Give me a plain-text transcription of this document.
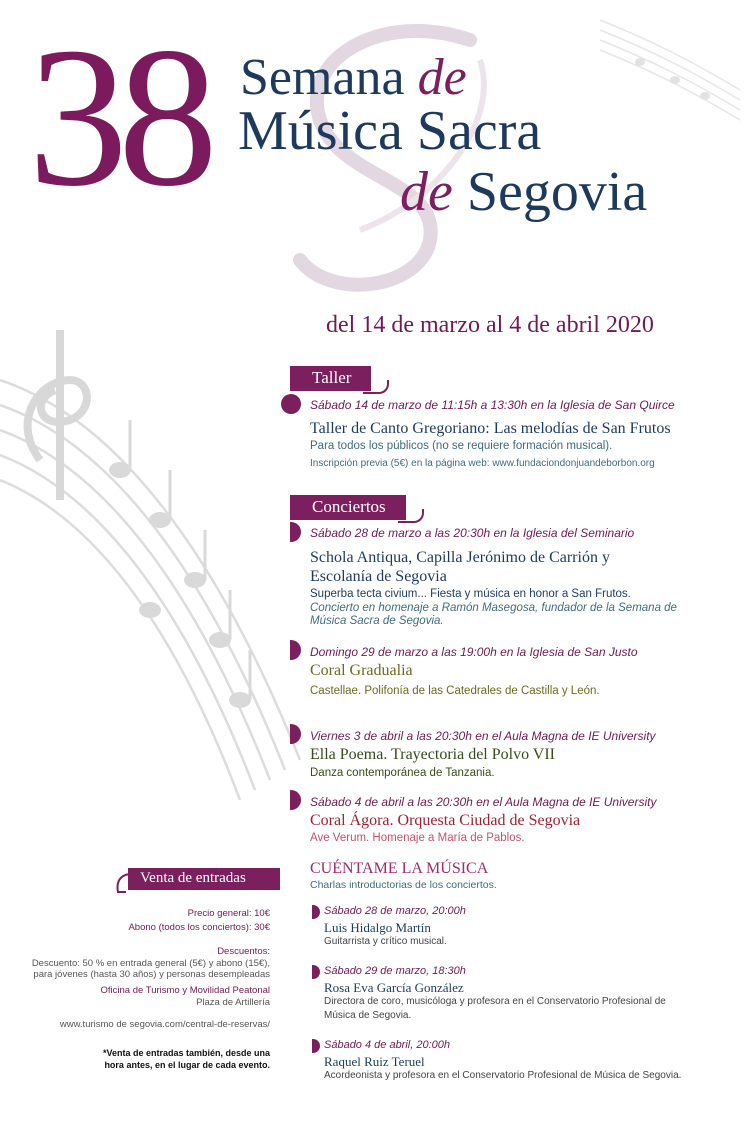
38 Semana de
Música Sacra
de Segovia
del 14 de marzo al 4 de abril 2020
Taller
Sábado 14 de marzo de 11:15h a 13:30h en la Iglesia de San Quirce
Taller de Canto Gregoriano: Las melodías de San Frutos
Para todos los públicos (no se requiere formación musical).
Inscripción previa (5€) en la página web: www.fundaciondonjuandeborbon.org
Conciertos
Sábado 28 de marzo a las 20:30h en la Iglesia del Seminario
Schola Antiqua, Capilla Jerónimo de Carrión y
Escolanía de Segovia
Superba tecta civium... Fiesta y música en honor a San Frutos.
Concierto en homenaje a Ramón Masegosa, fundador de la Semana de
Música Sacra de Segovia.
Domingo 29 de marzo a las 19:00h en la Iglesia de San Justo
Coral Gradualia
Castellae. Polifonía de las Catedrales de Castilla y León.
Viernes 3 de abril a las 20:30h en el Aula Magna de IE University
Ella Poema. Trayectoria del Polvo VII
Danza contemporánea de Tanzania.
Sábado 4 de abril a las 20:30h en el Aula Magna de IE University
Coral Ágora. Orquesta Ciudad de Segovia
Ave Verum. Homenaje a María de Pablos.
CUÉNTAME LA MÚSICA
Charlas introductorias de los conciertos.
Sábado 28 de marzo, 20:00h
Luis Hidalgo Martín
Guitarrista y crítico musical.
Sábado 29 de marzo, 18:30h
Rosa Eva García González
Directora de coro, musicóloga y profesora en el Conservatorio Profesional de
Música de Segovia.
Sábado 4 de abril, 20:00h
Raquel Ruiz Teruel
Acordeonista y profesora en el Conservatorio Profesional de Música de Segovia.
Venta de entradas
Precio general: 10€
Abono (todos los conciertos): 30€
Descuentos:
Descuento: 50 % en entrada general (5€) y abono (15€),
para jóvenes (hasta 30 años) y personas desempleadas
Oficina de Turismo y Movilidad Peatonal
Plaza de Artillería
www.turismo de segovia.com/central-de-reservas/
*Venta de entradas también, desde una
hora antes, en el lugar de cada evento.
